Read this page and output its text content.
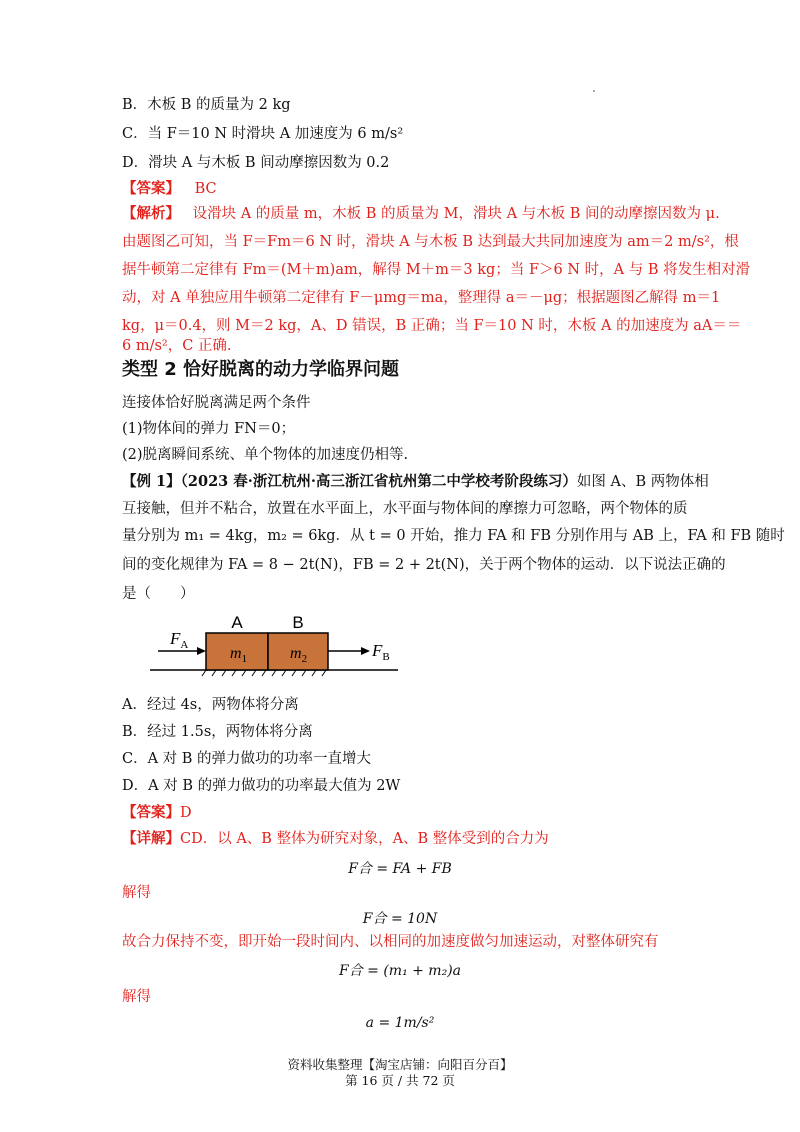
B．木板 B 的质量为 2 kg
C．当 F＝10 N 时滑块 A 加速度为 6 m/s²
D．滑块 A 与木板 B 间动摩擦因数为 0.2
【答案】 BC
【解析】 设滑块 A 的质量 m，木板 B 的质量为 M，滑块 A 与木板 B 间的动摩擦因数为 μ.
由题图乙可知，当 F＝Fm＝6 N 时，滑块 A 与木板 B 达到最大共同加速度为 am＝2 m/s²，根
据牛顿第二定律有 Fm＝(M＋m)am，解得 M＋m＝3 kg；当 F＞6 N 时，A 与 B 将发生相对滑
动，对 A 单独应用牛顿第二定律有 F－μmg＝ma，整理得 a＝－μg；根据题图乙解得 m＝1
kg，μ＝0.4，则 M＝2 kg，A、D 错误，B 正确；当 F＝10 N 时，木板 A 的加速度为 aA＝＝
6 m/s²，C 正确.
类型 2 恰好脱离的动力学临界问题
连接体恰好脱离满足两个条件
(1)物体间的弹力 FN＝0；
(2)脱离瞬间系统、单个物体的加速度仍相等.
【例 1】（2023 春·浙江杭州·高三浙江省杭州第二中学校考阶段练习）如图 A、B 两物体相
互接触，但并不粘合，放置在水平面上，水平面与物体间的摩擦力可忽略，两个物体的质
量分别为 m₁ = 4kg，m₂ = 6kg．从 t = 0 开始，推力 FA 和 FB 分别作用与 AB 上，FA 和 FB 随时
间的变化规律为 FA = 8 − 2t(N)，FB = 2 + 2t(N)，关于两个物体的运动．以下说法正确的
是（　　）
A	B
$m_1$	$m_2$
$F_A$	$F_B$
A．经过 4s，两物体将分离
B．经过 1.5s，两物体将分离
C．A 对 B 的弹力做功的功率一直增大
D．A 对 B 的弹力做功的功率最大值为 2W
【答案】D
【详解】CD．以 A、B 整体为研究对象，A、B 整体受到的合力为
F合 = FA + FB
解得
F合 = 10N
故合力保持不变，即开始一段时间内、以相同的加速度做匀加速运动，对整体研究有
F合 = (m₁ + m₂)a
解得
a = 1m/s²
资料收集整理【淘宝店铺：向阳百分百】
第 16 页 / 共 72 页
